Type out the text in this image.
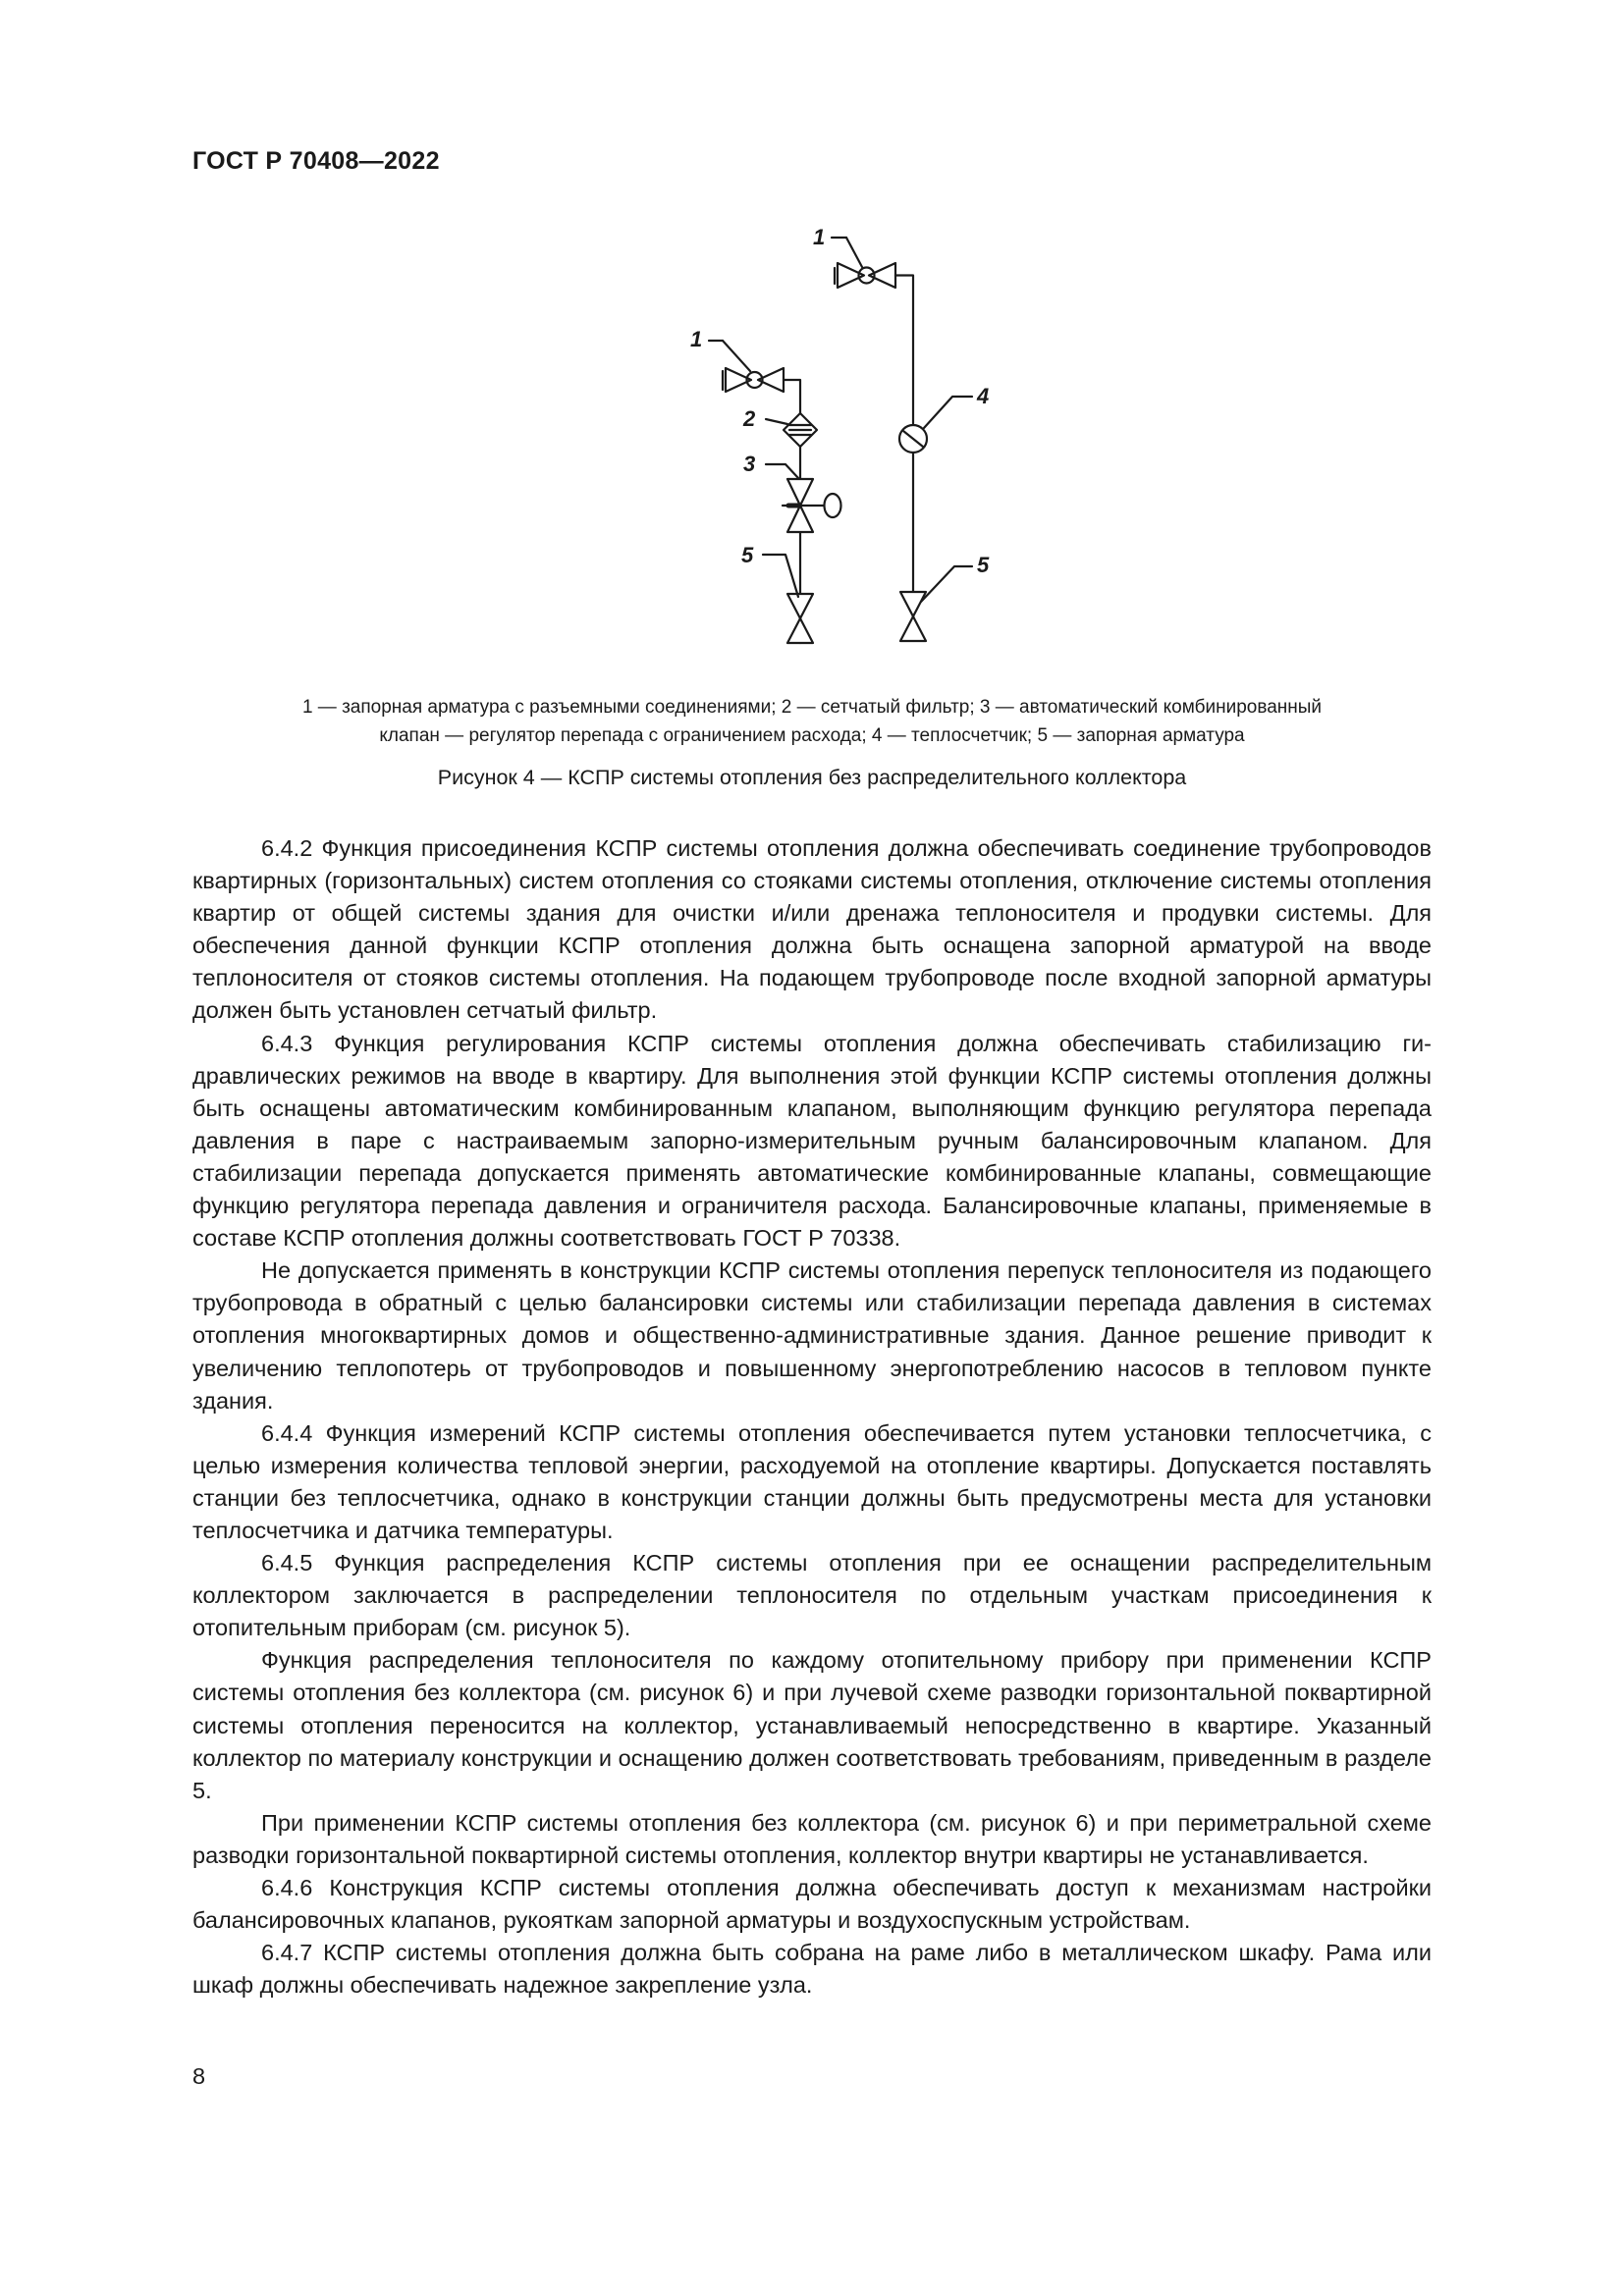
ГОСТ Р 70408—2022
1
4
5
1
2
3
5
1 — запорная арматура с разъемными соединениями; 2 — сетчатый фильтр; 3 — автоматический комбинированный
клапан — регулятор перепада с ограничением расхода; 4 — теплосчетчик; 5 — запорная арматура
Рисунок 4 — КСПР системы отопления без распределительного коллектора

6.4.2 Функция присоединения КСПР системы отопления должна обеспечивать соединение трубопроводов квартирных (горизонтальных) систем отопления со стояками системы отопления, отключение системы отопления квартир от общей системы здания для очистки и/или дренажа теплоносителя и продувки системы. Для обеспечения данной функции КСПР отопления должна быть оснащена запорной арматурой на вводе теплоносителя от стояков системы отопления. На подающем трубопроводе после входной запорной арматуры должен быть установлен сетчатый фильтр.

6.4.3 Функция регулирования КСПР системы отопления должна обеспечивать стабилизацию гидравлических режимов на вводе в квартиру. Для выполнения этой функции КСПР системы отопления должны быть оснащены автоматическим комбинированным клапаном, выполняющим функцию регулятора перепада давления в паре с настраиваемым запорно-измерительным ручным балансировочным клапаном. Для стабилизации перепада допускается применять автоматические комбинированные клапаны, совмещающие функцию регулятора перепада давления и ограничителя расхода. Балансировочные клапаны, применяемые в составе КСПР отопления должны соответствовать ГОСТ Р 70338.

Не допускается применять в конструкции КСПР системы отопления перепуск теплоносителя из подающего трубопровода в обратный с целью балансировки системы или стабилизации перепада давления в системах отопления многоквартирных домов и общественно-административные здания. Данное решение приводит к увеличению теплопотерь от трубопроводов и повышенному энергопотреблению насосов в тепловом пункте здания.

6.4.4 Функция измерений КСПР системы отопления обеспечивается путем установки теплосчетчика, с целью измерения количества тепловой энергии, расходуемой на отопление квартиры. Допускается поставлять станции без теплосчетчика, однако в конструкции станции должны быть предусмотрены места для установки теплосчетчика и датчика температуры.

6.4.5 Функция распределения КСПР системы отопления при ее оснащении распределительным коллектором заключается в распределении теплоносителя по отдельным участкам присоединения к отопительным приборам (см. рисунок 5).

Функция распределения теплоносителя по каждому отопительному прибору при применении КСПР системы отопления без коллектора (см. рисунок 6) и при лучевой схеме разводки горизонтальной поквартирной системы отопления переносится на коллектор, устанавливаемый непосредственно в квартире. Указанный коллектор по материалу конструкции и оснащению должен соответствовать требованиям, приведенным в разделе 5.

При применении КСПР системы отопления без коллектора (см. рисунок 6) и при периметральной схеме разводки горизонтальной поквартирной системы отопления, коллектор внутри квартиры не устанавливается.

6.4.6 Конструкция КСПР системы отопления должна обеспечивать доступ к механизмам настройки балансировочных клапанов, рукояткам запорной арматуры и воздухоспускным устройствам.

6.4.7 КСПР системы отопления должна быть собрана на раме либо в металлическом шкафу. Рама или шкаф должны обеспечивать надежное закрепление узла.

8
